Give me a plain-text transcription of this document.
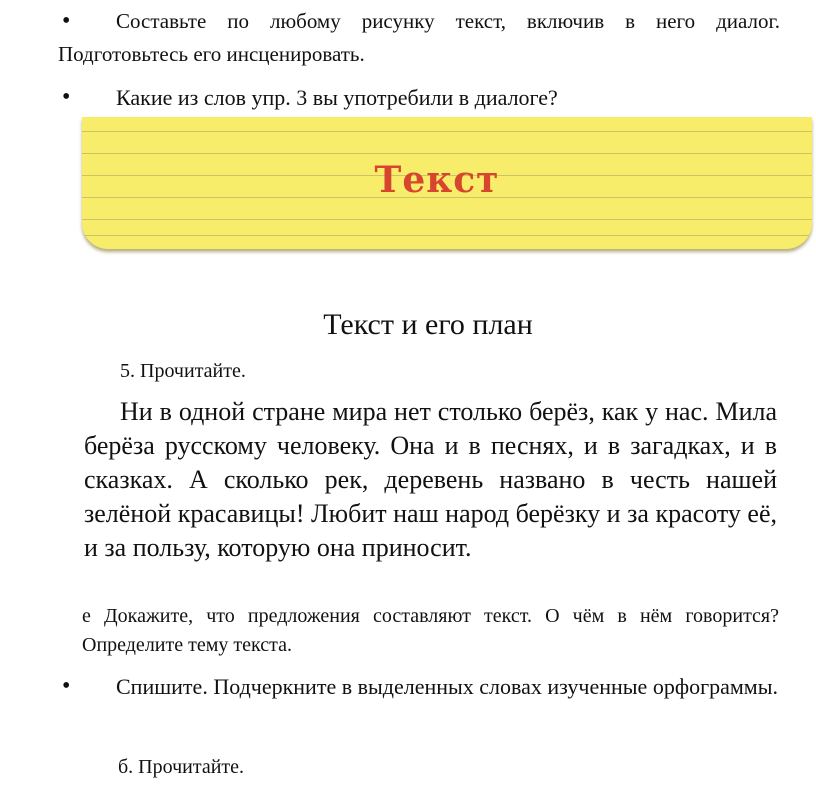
•	Составьте по любому рисунку текст, включив в него диалог. Подготовьтесь его инсценировать.
•	Какие из слов упр. 3 вы употребили в диалоге?
Текст
Текст и его план
5. Прочитайте.
Ни в одной стране мира нет столько берёз, как у нас. Мила берёза русскому человеку. Она и в песнях, и в загадках, и в сказках. А сколько рек, деревень названо в честь нашей зелёной красавицы! Любит наш народ берёзку и за красоту её, и за пользу, которую она приносит.
е Докажите, что предложения составляют текст. О чём в нём говорится? Определите тему текста.
•	Спишите. Подчеркните в выделенных словах изученные орфограммы.
б. Прочитайте.
